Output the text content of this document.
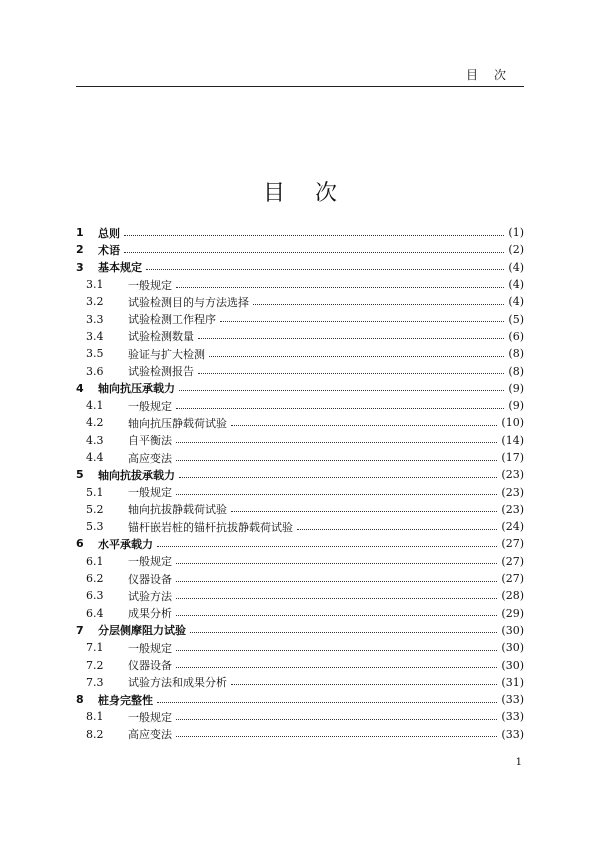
目次
目次
1	总则	(1)
2	术语	(2)
3	基本规定	(4)
3.1	一般规定	(4)
3.2	试验检测目的与方法选择	(4)
3.3	试验检测工作程序	(5)
3.4	试验检测数量	(6)
3.5	验证与扩大检测	(8)
3.6	试验检测报告	(8)
4	轴向抗压承载力	(9)
4.1	一般规定	(9)
4.2	轴向抗压静载荷试验	(10)
4.3	自平衡法	(14)
4.4	高应变法	(17)
5	轴向抗拔承载力	(23)
5.1	一般规定	(23)
5.2	轴向抗拔静载荷试验	(23)
5.3	锚杆嵌岩桩的锚杆抗拔静载荷试验	(24)
6	水平承载力	(27)
6.1	一般规定	(27)
6.2	仪器设备	(27)
6.3	试验方法	(28)
6.4	成果分析	(29)
7	分层侧摩阻力试验	(30)
7.1	一般规定	(30)
7.2	仪器设备	(30)
7.3	试验方法和成果分析	(31)
8	桩身完整性	(33)
8.1	一般规定	(33)
8.2	高应变法	(33)
1
